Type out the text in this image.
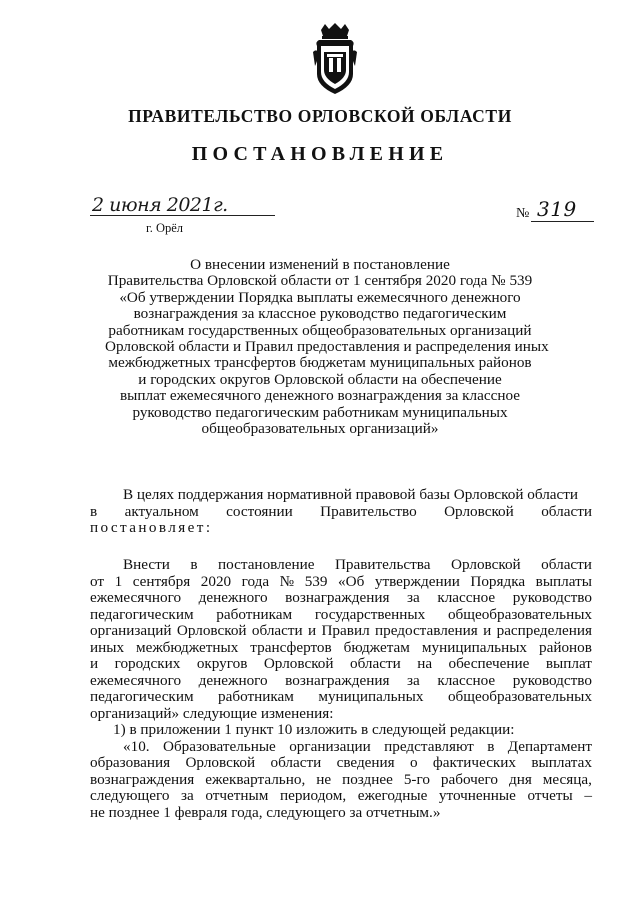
ПРАВИТЕЛЬСТВО ОРЛОВСКОЙ ОБЛАСТИ
ПОСТАНОВЛЕНИЕ
2 июня 2021г.
г. Орёл
№ 319
О внесении изменений в постановление
Правительства Орловской области от 1 сентября 2020 года № 539
«Об утверждении Порядка выплаты ежемесячного денежного
вознаграждения за классное руководство педагогическим
работникам государственных общеобразовательных организаций
Орловской области и Правил предоставления и распределения иных
межбюджетных трансфертов бюджетам муниципальных районов
и городских округов Орловской области на обеспечение
выплат ежемесячного денежного вознаграждения за классное
руководство педагогическим работникам муниципальных
общеобразовательных организаций»
В целях поддержания нормативной правовой базы Орловской области
в актуальном состоянии Правительство Орловской области
постановляет:
Внести в постановление Правительства Орловской области
от 1 сентября 2020 года № 539 «Об утверждении Порядка выплаты
ежемесячного денежного вознаграждения за классное руководство
педагогическим работникам государственных общеобразовательных
организаций Орловской области и Правил предоставления и распределения
иных межбюджетных трансфертов бюджетам муниципальных районов
и городских округов Орловской области на обеспечение выплат
ежемесячного денежного вознаграждения за классное руководство
педагогическим работникам муниципальных общеобразовательных
организаций» следующие изменения:
1) в приложении 1 пункт 10 изложить в следующей редакции:
«10. Образовательные организации представляют в Департамент
образования Орловской области сведения о фактических выплатах
вознаграждения ежеквартально, не позднее 5-го рабочего дня месяца,
следующего за отчетным периодом, ежегодные уточненные отчеты –
не позднее 1 февраля года, следующего за отчетным.»
